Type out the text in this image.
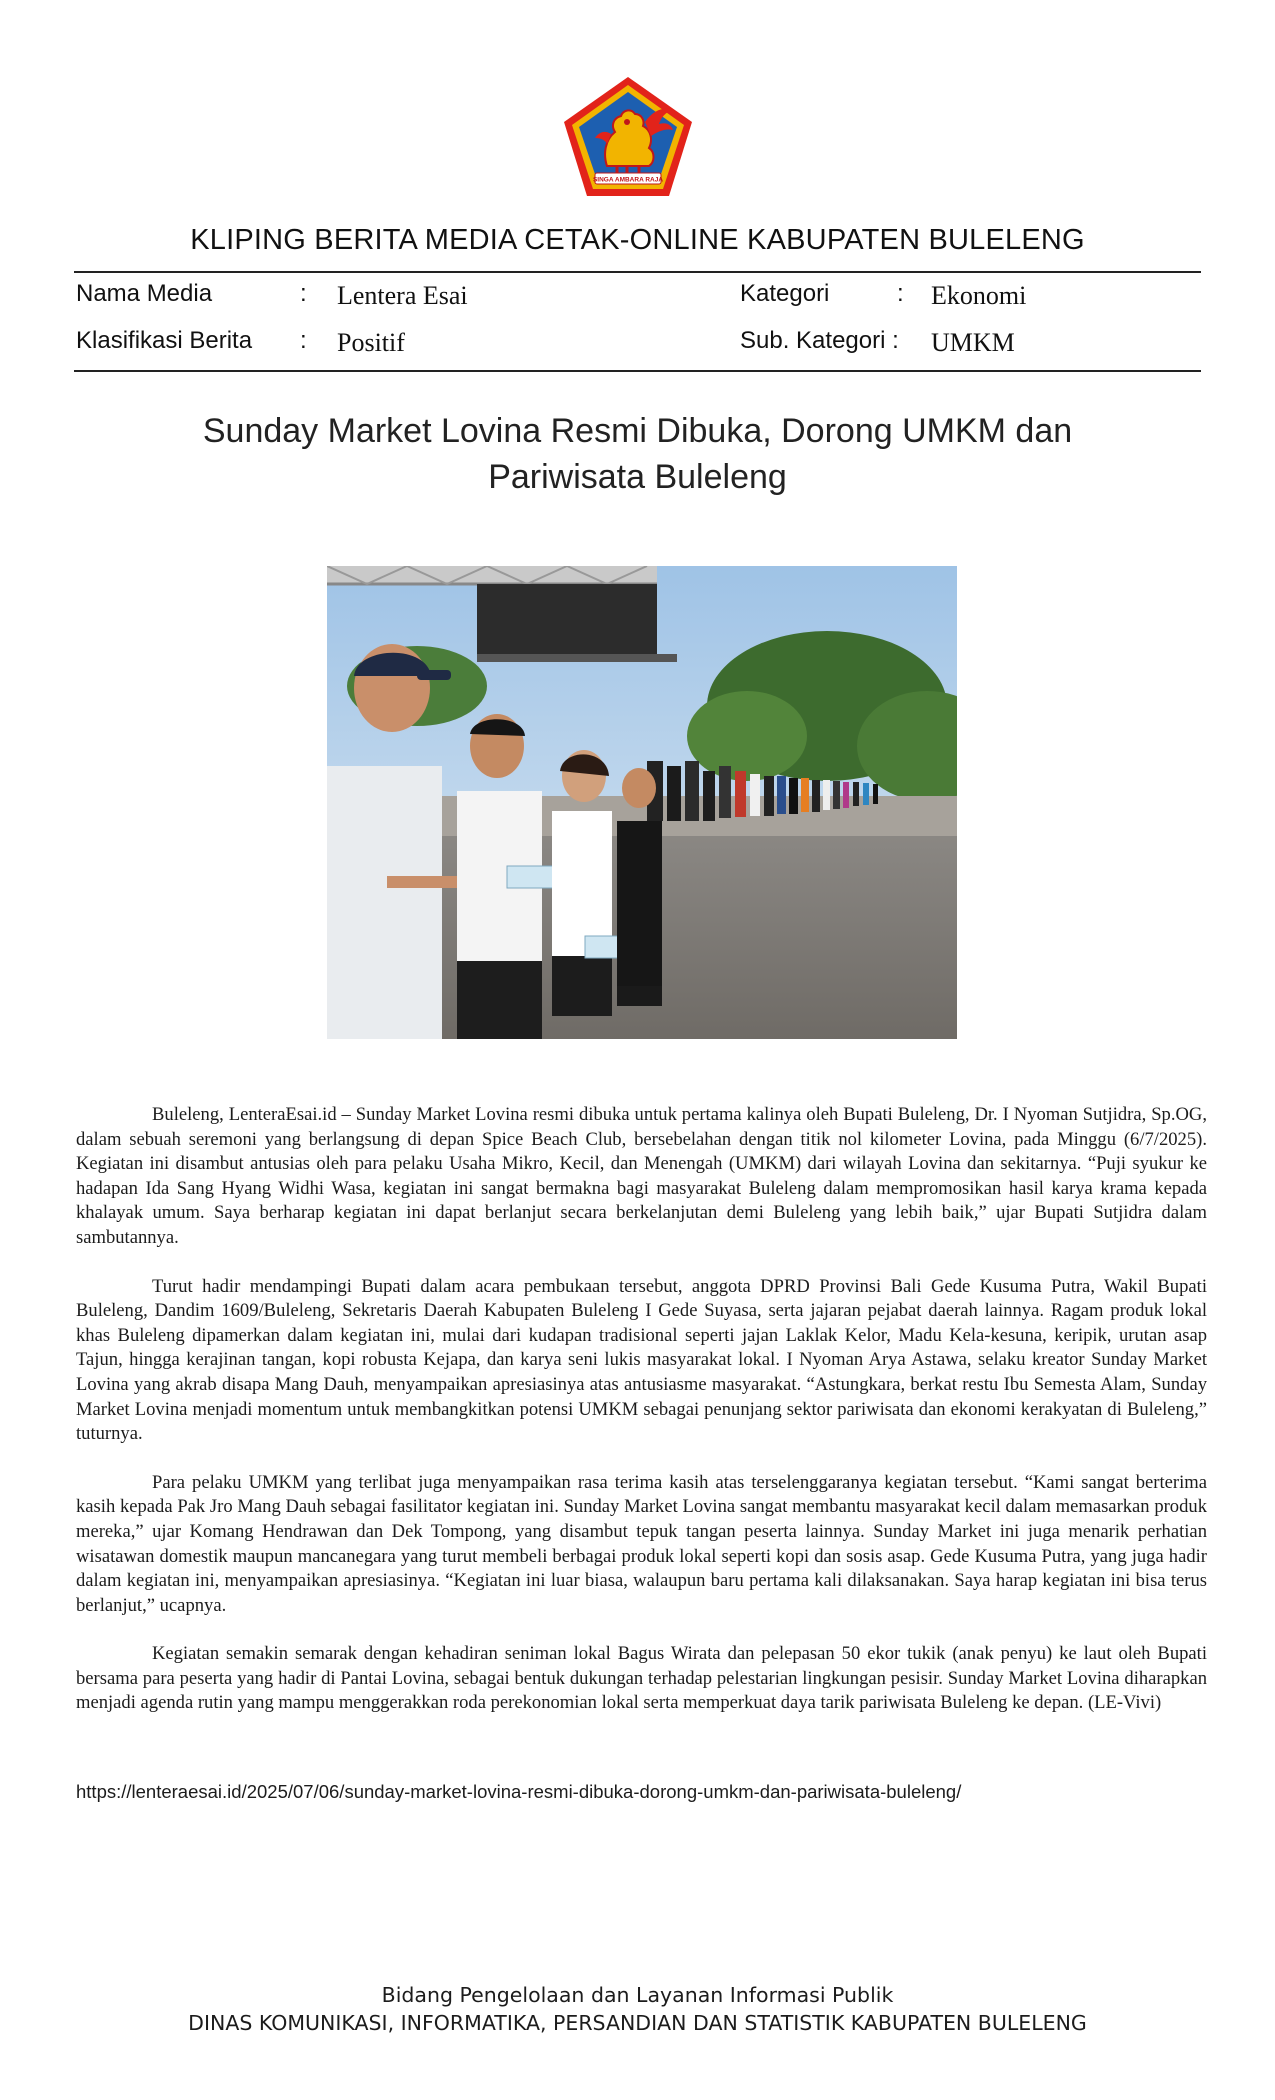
SINGA AMBARA RAJA
KLIPING BERITA MEDIA CETAK-ONLINE KABUPATEN BULELENG
Nama Media	: Lentera Esai	Kategori	: Ekonomi
Klasifikasi Berita : Positif	Sub. Kategori : UMKM
Sunday Market Lovina Resmi Dibuka, Dorong UMKM dan
Pariwisata Buleleng

Buleleng, LenteraEsai.id – Sunday Market Lovina resmi dibuka untuk pertama kalinya oleh Bupati Buleleng, Dr. I Nyoman Sutjidra, Sp.OG, dalam sebuah seremoni yang berlangsung di depan Spice Beach Club, bersebelahan dengan titik nol kilometer Lovina, pada Minggu (6/7/2025). Kegiatan ini disambut antusias oleh para pelaku Usaha Mikro, Kecil, dan Menengah (UMKM) dari wilayah Lovina dan sekitarnya. “Puji syukur ke hadapan Ida Sang Hyang Widhi Wasa, kegiatan ini sangat bermakna bagi masyarakat Buleleng dalam mempromosikan hasil karya krama kepada khalayak umum. Saya berharap kegiatan ini dapat berlanjut secara berkelanjutan demi Buleleng yang lebih baik,” ujar Bupati Sutjidra dalam sambutannya.

Turut hadir mendampingi Bupati dalam acara pembukaan tersebut, anggota DPRD Provinsi Bali Gede Kusuma Putra, Wakil Bupati Buleleng, Dandim 1609/Buleleng, Sekretaris Daerah Kabupaten Buleleng I Gede Suyasa, serta jajaran pejabat daerah lainnya. Ragam produk lokal khas Buleleng dipamerkan dalam kegiatan ini, mulai dari kudapan tradisional seperti jajan Laklak Kelor, Madu Kela-kesuna, keripik, urutan asap Tajun, hingga kerajinan tangan, kopi robusta Kejapa, dan karya seni lukis masyarakat lokal. I Nyoman Arya Astawa, selaku kreator Sunday Market Lovina yang akrab disapa Mang Dauh, menyampaikan apresiasinya atas antusiasme masyarakat. “Astungkara, berkat restu Ibu Semesta Alam, Sunday Market Lovina menjadi momentum untuk membangkitkan potensi UMKM sebagai penunjang sektor pariwisata dan ekonomi kerakyatan di Buleleng,” tuturnya.

Para pelaku UMKM yang terlibat juga menyampaikan rasa terima kasih atas terselenggaranya kegiatan tersebut. “Kami sangat berterima kasih kepada Pak Jro Mang Dauh sebagai fasilitator kegiatan ini. Sunday Market Lovina sangat membantu masyarakat kecil dalam memasarkan produk mereka,” ujar Komang Hendrawan dan Dek Tompong, yang disambut tepuk tangan peserta lainnya. Sunday Market ini juga menarik perhatian wisatawan domestik maupun mancanegara yang turut membeli berbagai produk lokal seperti kopi dan sosis asap. Gede Kusuma Putra, yang juga hadir dalam kegiatan ini, menyampaikan apresiasinya. “Kegiatan ini luar biasa, walaupun baru pertama kali dilaksanakan. Saya harap kegiatan ini bisa terus berlanjut,” ucapnya.

Kegiatan semakin semarak dengan kehadiran seniman lokal Bagus Wirata dan pelepasan 50 ekor tukik (anak penyu) ke laut oleh Bupati bersama para peserta yang hadir di Pantai Lovina, sebagai bentuk dukungan terhadap pelestarian lingkungan pesisir. Sunday Market Lovina diharapkan menjadi agenda rutin yang mampu menggerakkan roda perekonomian lokal serta memperkuat daya tarik pariwisata Buleleng ke depan. (LE-Vivi)

https://lenteraesai.id/2025/07/06/sunday-market-lovina-resmi-dibuka-dorong-umkm-dan-pariwisata-buleleng/
Bidang Pengelolaan dan Layanan Informasi Publik
DINAS KOMUNIKASI, INFORMATIKA, PERSANDIAN DAN STATISTIK KABUPATEN BULELENG
